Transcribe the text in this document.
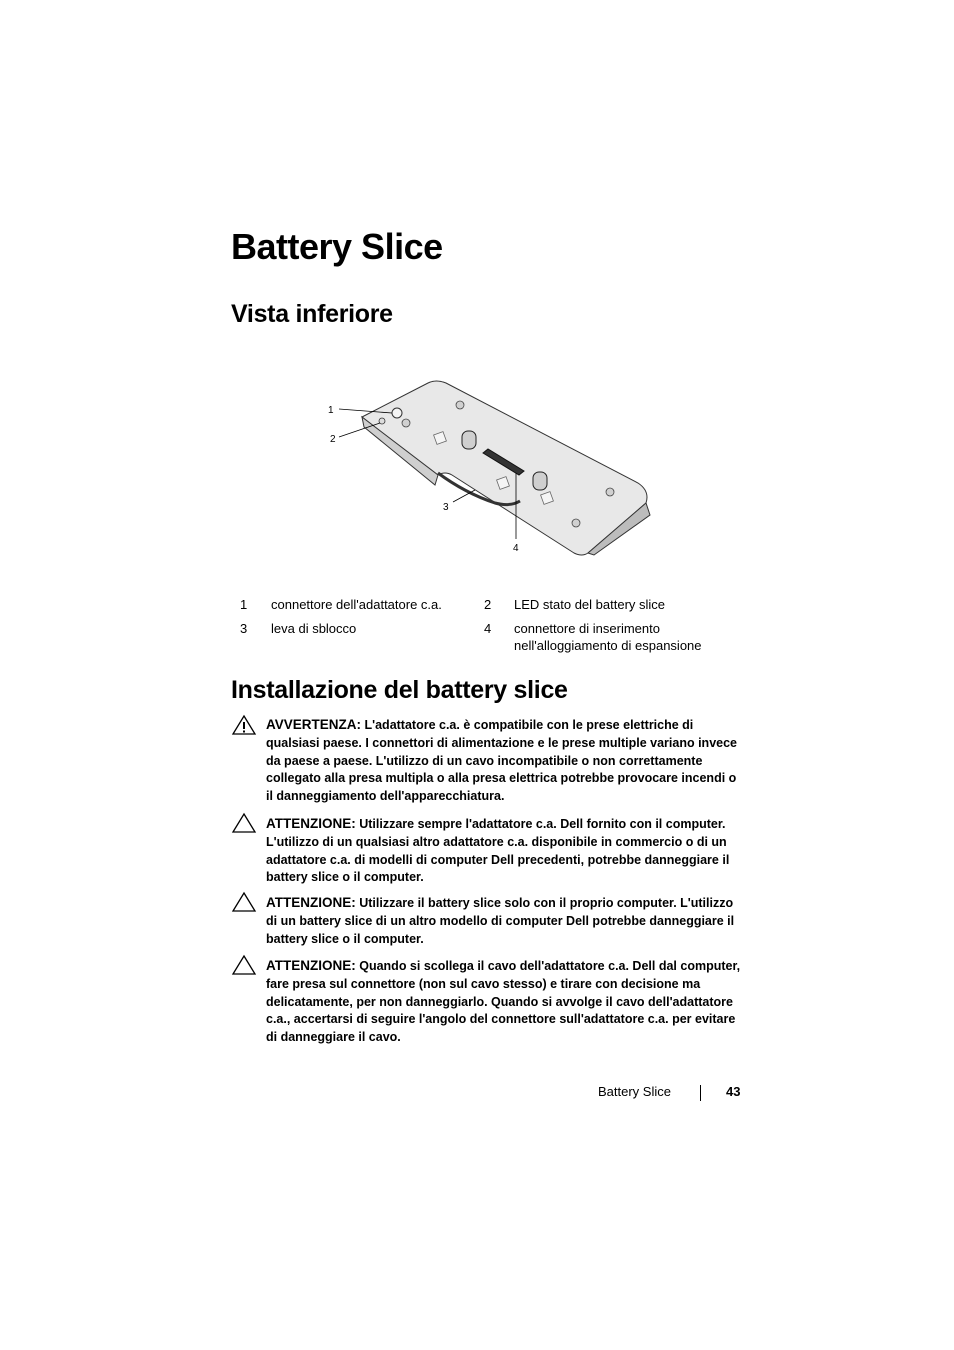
Battery Slice
Vista inferiore
1
2
3
4
1	connettore dell'adattatore c.a.	2	LED stato del battery slice
3	leva di sblocco	4	connettore di inserimento nell'alloggiamento di espansione
Installazione del battery slice
AVVERTENZA: L'adattatore c.a. è compatibile con le prese elettriche di qualsiasi paese. I connettori di alimentazione e le prese multiple variano invece da paese a paese. L'utilizzo di un cavo incompatibile o non correttamente collegato alla presa multipla o alla presa elettrica potrebbe provocare incendi o il danneggiamento dell'apparecchiatura.
ATTENZIONE: Utilizzare sempre l'adattatore c.a. Dell fornito con il computer. L'utilizzo di un qualsiasi altro adattatore c.a. disponibile in commercio o di un adattatore c.a. di modelli di computer Dell precedenti, potrebbe danneggiare il battery slice o il computer.
ATTENZIONE: Utilizzare il battery slice solo con il proprio computer. L'utilizzo di un battery slice di un altro modello di computer Dell potrebbe danneggiare il battery slice o il computer.
ATTENZIONE: Quando si scollega il cavo dell'adattatore c.a. Dell dal computer, fare presa sul connettore (non sul cavo stesso) e tirare con decisione ma delicatamente, per non danneggiarlo. Quando si avvolge il cavo dell'adattatore c.a., accertarsi di seguire l'angolo del connettore sull'adattatore c.a. per evitare di danneggiare il cavo.
Battery Slice	43
